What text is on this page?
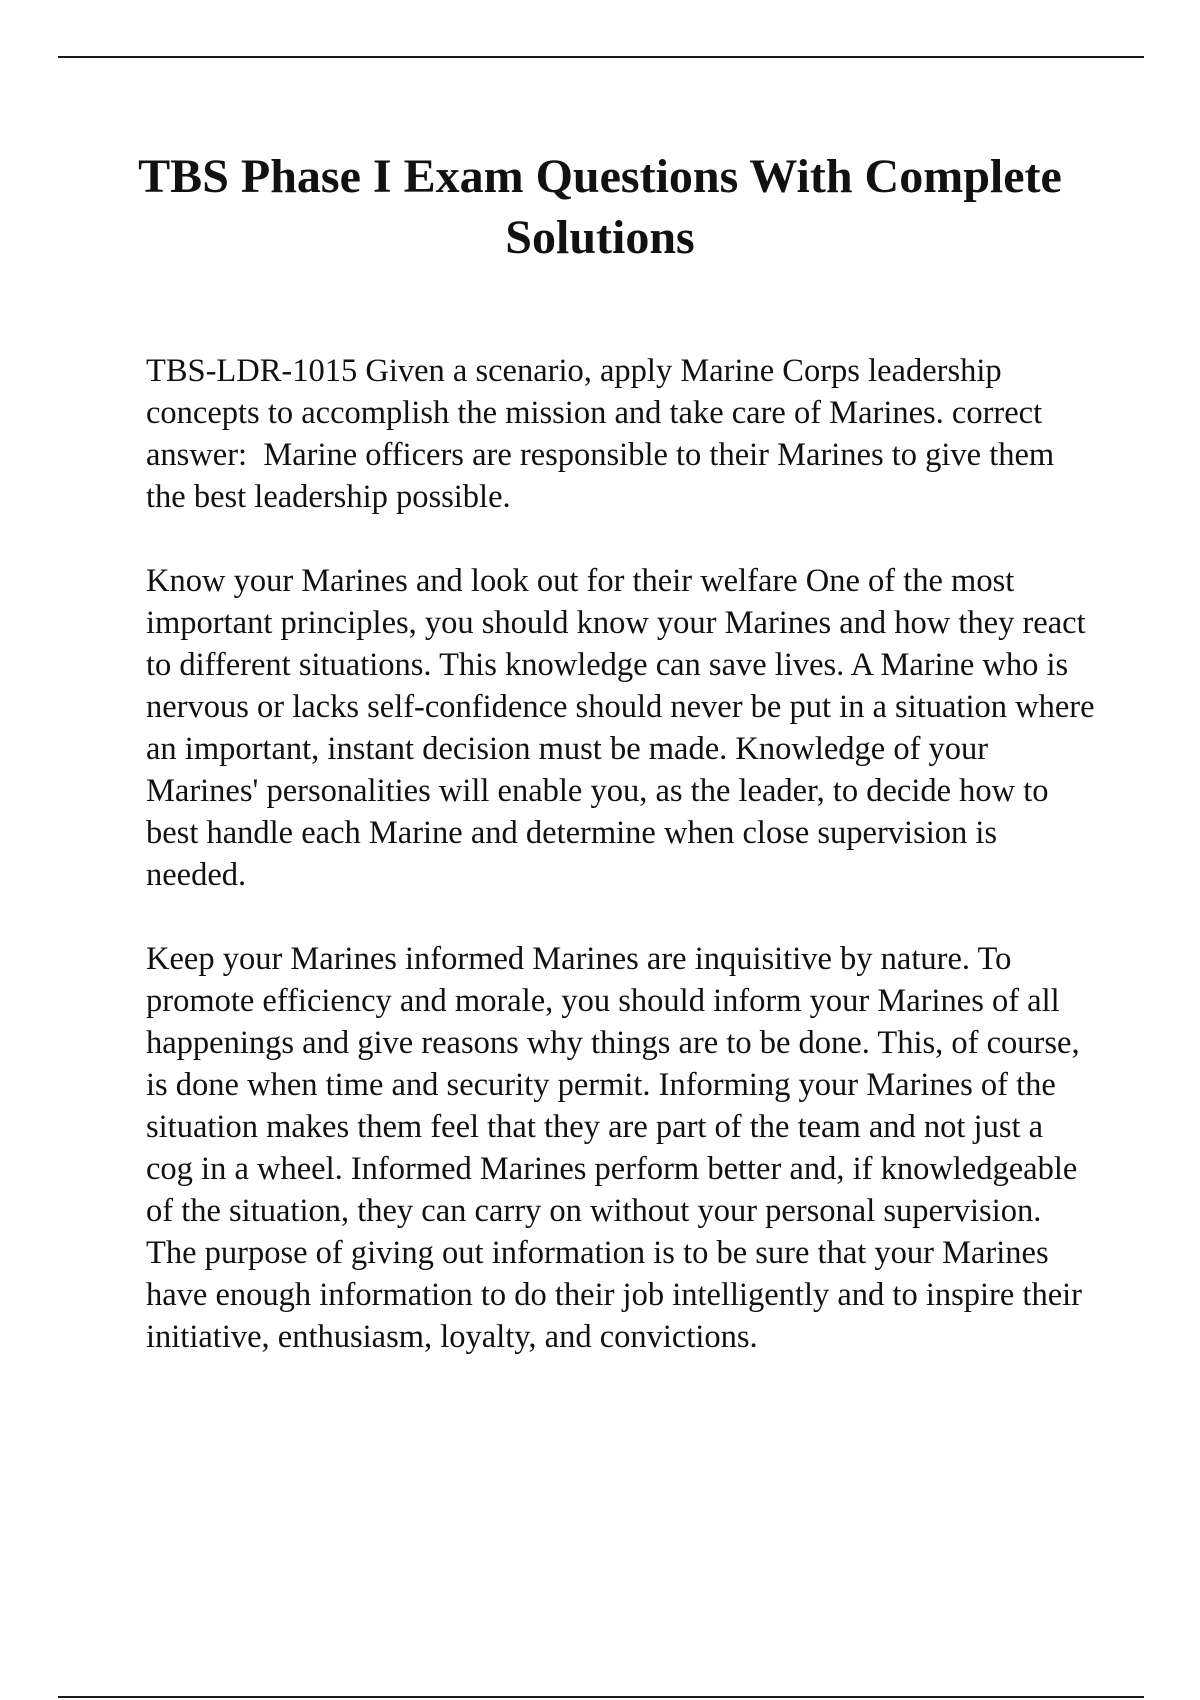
TBS Phase I Exam Questions With Complete Solutions

TBS-LDR-1015 Given a scenario, apply Marine Corps leadership concepts to accomplish the mission and take care of Marines. correct answer:  Marine officers are responsible to their Marines to give them the best leadership possible.

Know your Marines and look out for their welfare One of the most important principles, you should know your Marines and how they react to different situations. This knowledge can save lives. A Marine who is nervous or lacks self-confidence should never be put in a situation where an important, instant decision must be made. Knowledge of your Marines' personalities will enable you, as the leader, to decide how to best handle each Marine and determine when close supervision is needed.

Keep your Marines informed Marines are inquisitive by nature. To promote efficiency and morale, you should inform your Marines of all happenings and give reasons why things are to be done. This, of course, is done when time and security permit. Informing your Marines of the situation makes them feel that they are part of the team and not just a cog in a wheel. Informed Marines perform better and, if knowledgeable of the situation, they can carry on without your personal supervision. The purpose of giving out information is to be sure that your Marines have enough information to do their job intelligently and to inspire their initiative, enthusiasm, loyalty, and convictions.
